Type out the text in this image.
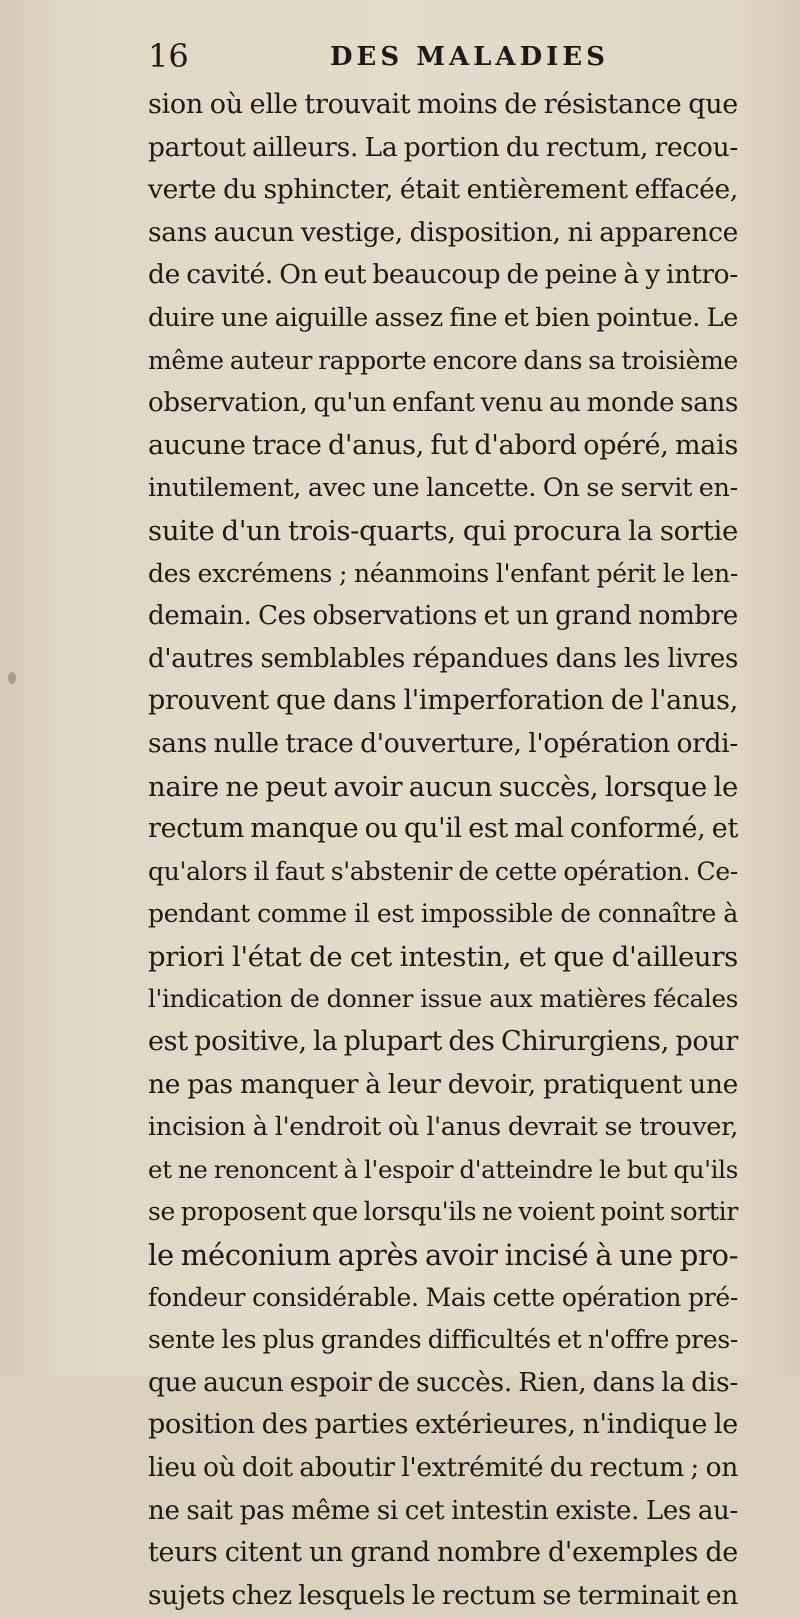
16	DES MALADIES
sion où elle trouvait moins de résistance que
partout ailleurs. La portion du rectum, recou-
verte du sphincter, était entièrement effacée,
sans aucun vestige, disposition, ni apparence
de cavité. On eut beaucoup de peine à y intro-
duire une aiguille assez fine et bien pointue. Le
même auteur rapporte encore dans sa troisième
observation, qu'un enfant venu au monde sans
aucune trace d'anus, fut d'abord opéré, mais
inutilement, avec une lancette. On se servit en-
suite d'un trois-quarts, qui procura la sortie
des excrémens ; néanmoins l'enfant périt le len-
demain. Ces observations et un grand nombre
d'autres semblables répandues dans les livres
prouvent que dans l'imperforation de l'anus,
sans nulle trace d'ouverture, l'opération ordi-
naire ne peut avoir aucun succès, lorsque le
rectum manque ou qu'il est mal conformé, et
qu'alors il faut s'abstenir de cette opération. Ce-
pendant comme il est impossible de connaître à
priori l'état de cet intestin, et que d'ailleurs
l'indication de donner issue aux matières fécales
est positive, la plupart des Chirurgiens, pour
ne pas manquer à leur devoir, pratiquent une
incision à l'endroit où l'anus devrait se trouver,
et ne renoncent à l'espoir d'atteindre le but qu'ils
se proposent que lorsqu'ils ne voient point sortir
le méconium après avoir incisé à une pro-
fondeur considérable. Mais cette opération pré-
sente les plus grandes difficultés et n'offre pres-
que aucun espoir de succès. Rien, dans la dis-
position des parties extérieures, n'indique le
lieu où doit aboutir l'extrémité du rectum ; on
ne sait pas même si cet intestin existe. Les au-
teurs citent un grand nombre d'exemples de
sujets chez lesquels le rectum se terminait en
